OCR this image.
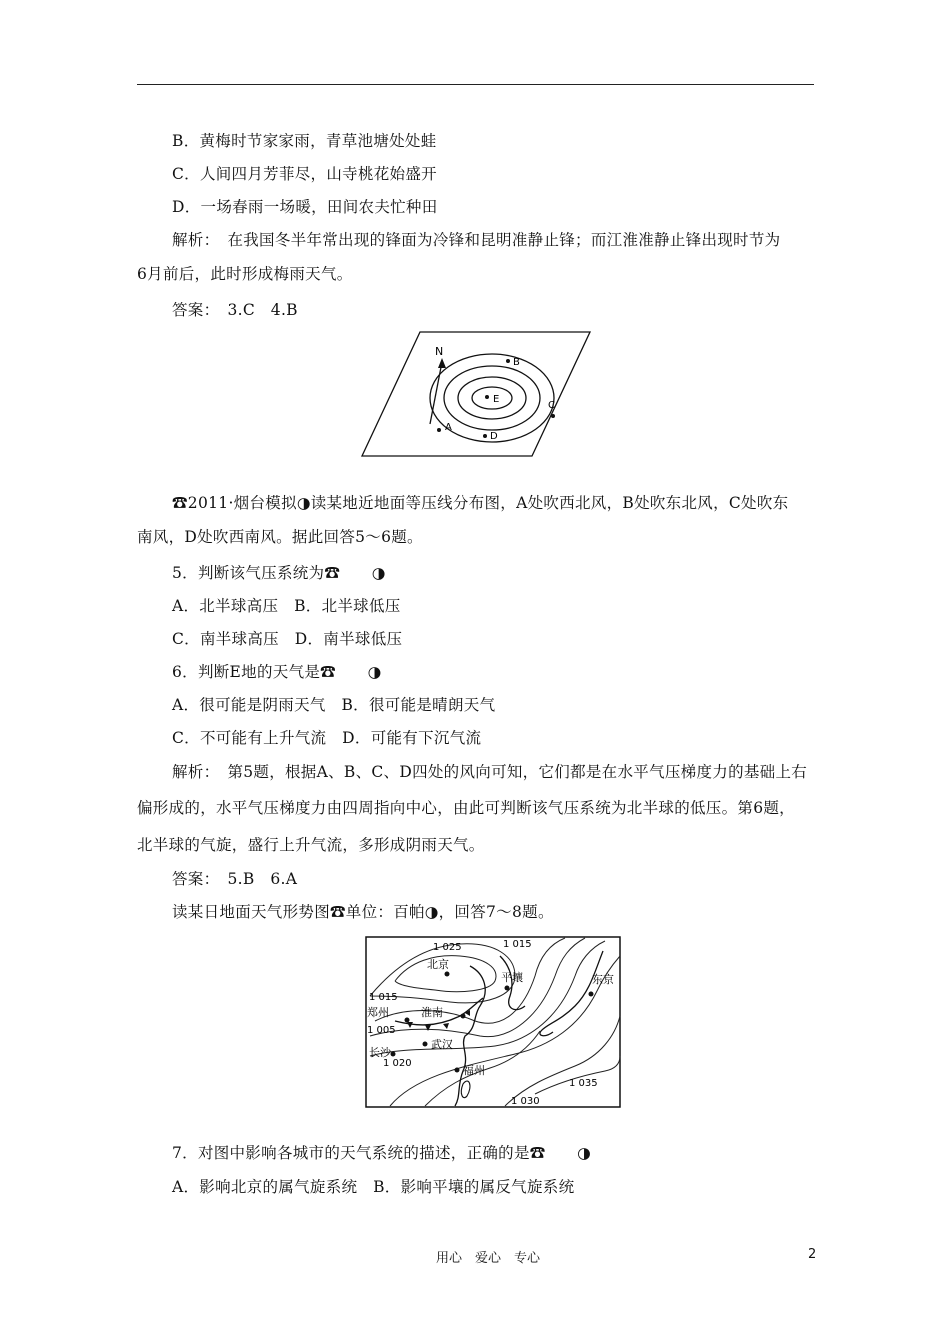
B．黄梅时节家家雨，青草池塘处处蛙
C．人间四月芳菲尽，山寺桃花始盛开
D．一场春雨一场暖，田间农夫忙种田
解析：　在我国冬半年常出现的锋面为冷锋和昆明准静止锋；而江淮准静止锋出现时节为
6月前后，此时形成梅雨天气。
答案：　3.C　4.B
N
A
B
C
D
E
☎2011·烟台模拟◑读某地近地面等压线分布图，A处吹西北风，B处吹东北风，C处吹东
南风，D处吹西南风。据此回答5～6题。
5．判断该气压系统为☎　　◑
A．北半球高压　B．北半球低压
C．南半球高压　D．南半球低压
6．判断E地的天气是☎　　◑
A．很可能是阴雨天气　B．很可能是晴朗天气
C．不可能有上升气流　D．可能有下沉气流
解析：　第5题，根据A、B、C、D四处的风向可知，它们都是在水平气压梯度力的基础上右
偏形成的，水平气压梯度力由四周指向中心，由此可判断该气压系统为北半球的低压。第6题，
北半球的气旋，盛行上升气流，多形成阴雨天气。
答案：　5.B　6.A
读某日地面天气形势图☎单位：百帕◑，回答7～8题。
1 025	1 015
1 015
1 005
1 020
1 035
1 030
北京
平壤	东京
郑州	淮南
武汉
长沙
福州
7．对图中影响各城市的天气系统的描述，正确的是☎　　◑
A．影响北京的属气旋系统　B．影响平壤的属反气旋系统
用心　爱心　专心	2
